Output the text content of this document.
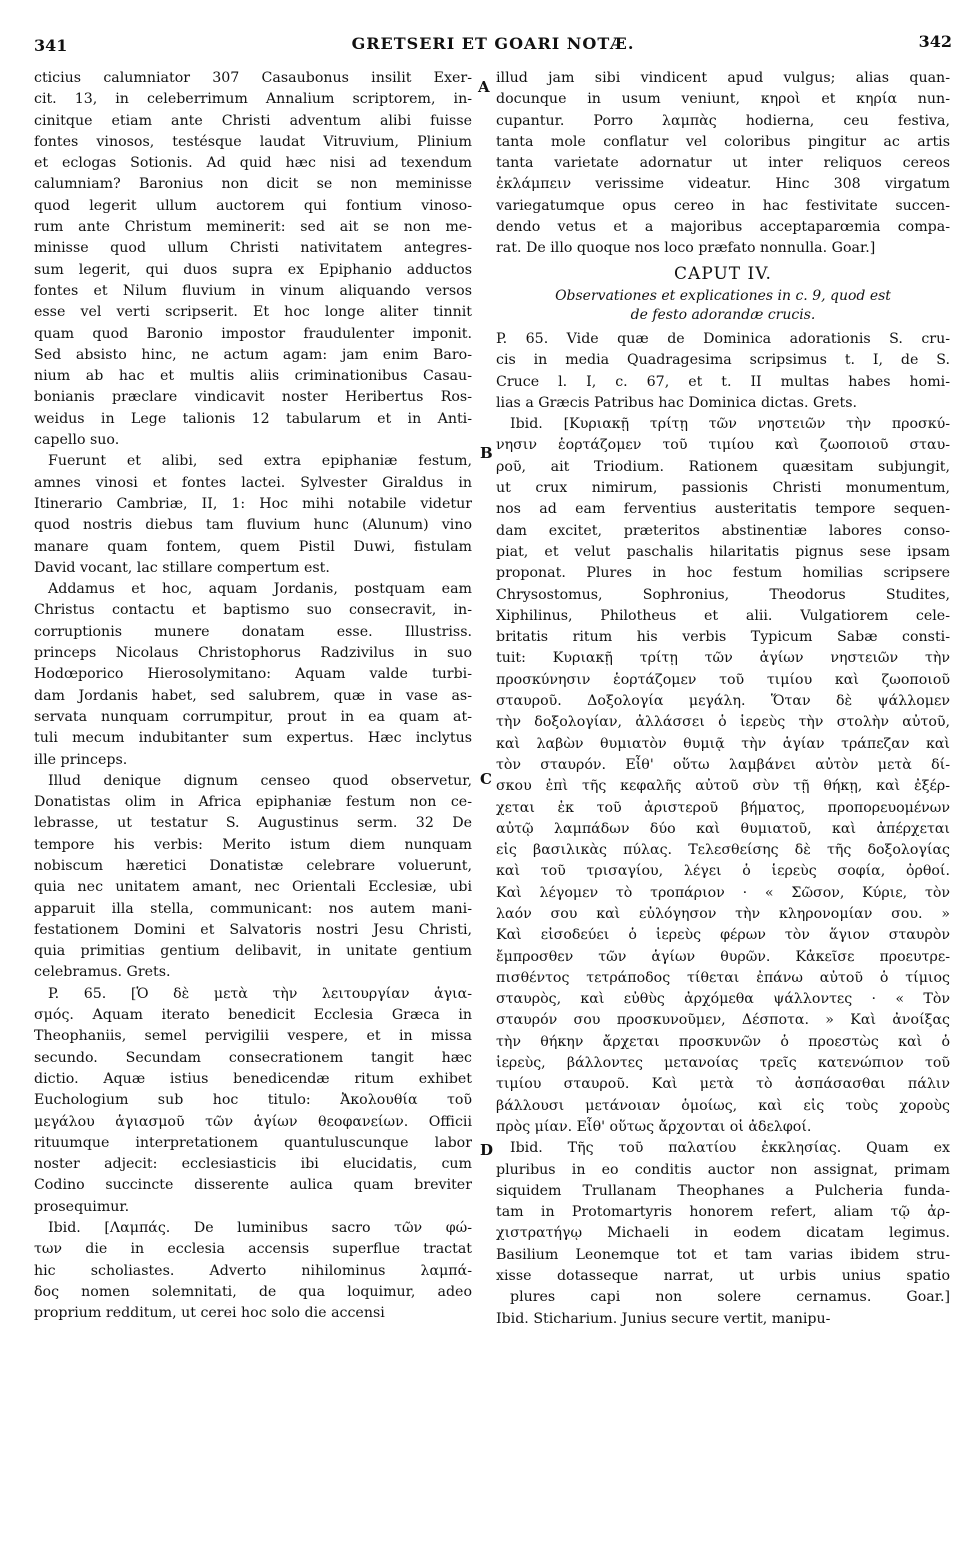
341	GRETSERI ET GOARI NOTÆ.	342
A
B
C
D
cticius calumniator 307 Casaubonus insilit Exer-
cit. 13, in celeberrimum Annalium scriptorem, in-
cinitque etiam ante Christi adventum alibi fuisse
fontes vinosos, testésque laudat Vitruvium, Plinium
et eclogas Sotionis. Ad quid hæc nisi ad texendum
calumniam? Baronius non dicit se non meminisse
quod legerit ullum auctorem qui fontium vinoso-
rum ante Christum meminerit: sed ait se non me-
minisse quod ullum Christi nativitatem antegres-
sum legerit, qui duos supra ex Epiphanio adductos
fontes et Nilum fluvium in vinum aliquando versos
esse vel verti scripserit. Et hoc longe aliter tinnit
quam quod Baronio impostor fraudulenter imponit.
Sed absisto hinc, ne actum agam: jam enim Baro-
nium ab hac et multis aliis criminationibus Casau-
bonianis præclare vindicavit noster Heribertus Ros-
weidus in Lege talionis 12 tabularum et in Anti-
capello suo.
Fuerunt et alibi, sed extra epiphaniæ festum,
amnes vinosi et fontes lactei. Sylvester Giraldus in
Itinerario Cambriæ, II, 1: Hoc mihi notabile videtur
quod nostris diebus tam fluvium hunc (Alunum) vino
manare quam fontem, quem Pistil Duwi, fistulam
David vocant, lac stillare compertum est.
Addamus et hoc, aquam Jordanis, postquam eam
Christus contactu et baptismo suo consecravit, in-
corruptionis munere donatam esse. Illustriss.
princeps Nicolaus Christophorus Radzivilus in suo
Hodœporico Hierosolymitano: Aquam valde turbi-
dam Jordanis habet, sed salubrem, quæ in vase as-
servata nunquam corrumpitur, prout in ea quam at-
tuli mecum indubitanter sum expertus. Hæc inclytus
ille princeps.
Illud denique dignum censeo quod observetur,
Donatistas olim in Africa epiphaniæ festum non ce-
lebrasse, ut testatur S. Augustinus serm. 32 De
tempore his verbis: Merito istum diem nunquam
nobiscum hæretici Donatistæ celebrare voluerunt,
quia nec unitatem amant, nec Orientali Ecclesiæ, ubi
apparuit illa stella, communicant: nos autem mani-
festationem Domini et Salvatoris nostri Jesu Christi,
quia primitias gentium delibavit, in unitate gentium
celebramus. Grets.
P. 65. [Ὁ δὲ μετὰ τὴν λειτουργίαν ἁγια-
σμός. Aquam iterato benedicit Ecclesia Græca in
Theophaniis, semel pervigilii vespere, et in missa
secundo. Secundam consecrationem tangit hæc
dictio. Aquæ istius benedicendæ ritum exhibet
Euchologium sub hoc titulo: Ἀκολουθία τοῦ
μεγάλου ἁγιασμοῦ τῶν ἁγίων θεοφανείων. Officii
rituumque interpretationem quantuluscunque labor
noster adjecit: ecclesiasticis ibi elucidatis, cum
Codino succincte disserente aulica quam breviter
prosequimur.
Ibid. [Λαμπάς. De luminibus sacro τῶν φώ-
των die in ecclesia accensis superflue tractat
hic scholiastes. Adverto nihilominus λαμπά-
δος nomen solemnitati, de qua loquimur, adeo
proprium redditum, ut cerei hoc solo die accensi
illud jam sibi vindicent apud vulgus; alias quan-
docunque in usum veniunt, κηροὶ et κηρία nun-
cupantur. Porro λαμπὰς hodierna, ceu festiva,
tanta mole conflatur vel coloribus pingitur ac artis
tanta varietate adornatur ut inter reliquos cereos
ἐκλάμπειν verissime videatur. Hinc 308 virgatum
variegatumque opus cereo in hac festivitate succen-
dendo vetus et a majoribus acceptaparœmia compa-
rat. De illo quoque nos loco præfato nonnulla. Goar.]
CAPUT IV.
Observationes et explicationes in c. 9, quod est
de festo adorandæ crucis.
P. 65. Vide quæ de Dominica adorationis S. cru-
cis in media Quadragesima scripsimus t. I, de S.
Cruce l. I, c. 67, et t. II multas habes homi-
lias a Græcis Patribus hac Dominica dictas. Grets.
Ibid. [Κυριακῇ τρίτῃ τῶν νηστειῶν τὴν προσκύ-
νησιν ἑορτάζομεν τοῦ τιμίου καὶ ζωοποιοῦ σταυ-
ροῦ, ait Triodium. Rationem quæsitam subjungit,
ut crux nimirum, passionis Christi monumentum,
nos ad eam ferventius austeritatis tempore sequen-
dam excitet, præteritos abstinentiæ labores conso-
piat, et velut paschalis hilaritatis pignus sese ipsam
proponat. Plures in hoc festum homilias scripsere
Chrysostomus, Sophronius, Theodorus Studites,
Xiphilinus, Philotheus et alii. Vulgatiorem cele-
britatis ritum his verbis Typicum Sabæ consti-
tuit: Κυριακῇ τρίτῃ τῶν ἁγίων νηστειῶν τὴν
προσκύνησιν ἑορτάζομεν τοῦ τιμίου καὶ ζωοποιοῦ
σταυροῦ. Δοξολογία μεγάλη. Ὅταν δὲ ψάλλομεν
τὴν δοξολογίαν, ἀλλάσσει ὁ ἱερεὺς τὴν στολὴν αὐτοῦ,
καὶ λαβὼν θυμιατὸν θυμιᾷ τὴν ἁγίαν τράπεζαν καὶ
τὸν σταυρόν. Εἶθ' οὕτω λαμβάνει αὐτὸν μετὰ δί-
σκου ἐπὶ τῆς κεφαλῆς αὐτοῦ σὺν τῇ θήκῃ, καὶ ἐξέρ-
χεται ἐκ τοῦ ἀριστεροῦ βήματος, προπορευομένων
αὐτῷ λαμπάδων δύο καὶ θυμιατοῦ, καὶ ἀπέρχεται
εἰς βασιλικὰς πύλας. Τελεσθείσης δὲ τῆς δοξολογίας
καὶ τοῦ τρισαγίου, λέγει ὁ ἱερεὺς σοφία, ὀρθοί.
Καὶ λέγομεν τὸ τροπάριον · « Σῶσον, Κύριε, τὸν
λαόν σου καὶ εὐλόγησον τὴν κληρονομίαν σου. »
Καὶ εἰσοδεύει ὁ ἱερεὺς φέρων τὸν ἅγιον σταυρὸν
ἔμπροσθεν τῶν ἁγίων θυρῶν. Κἀκεῖσε προευτρε-
πισθέντος τετράποδος τίθεται ἐπάνω αὐτοῦ ὁ τίμιος
σταυρὸς, καὶ εὐθὺς ἀρχόμεθα ψάλλοντες · « Τὸν
σταυρόν σου προσκυνοῦμεν, Δέσποτα. » Καὶ ἀνοίξας
τὴν θήκην ἄρχεται προσκυνῶν ὁ προεστὼς καὶ ὁ
ἱερεὺς, βάλλοντες μετανοίας τρεῖς κατενώπιον τοῦ
τιμίου σταυροῦ. Καὶ μετὰ τὸ ἀσπάσασθαι πάλιν
βάλλουσι μετάνοιαν ὁμοίως, καὶ εἰς τοὺς χοροὺς
πρὸς μίαν. Εἶθ' οὕτως ἄρχονται οἱ ἀδελφοί.
Ibid. Τῆς τοῦ παλατίου ἐκκλησίας. Quam ex
pluribus in eo conditis auctor non assignat, primam
siquidem Trullanam Theophanes a Pulcheria funda-
tam in Protomartyris honorem refert, aliam τῷ ἀρ-
χιστρατήγῳ Michaeli in eodem dicatam legimus.
Basilium Leonemque tot et tam varias ibidem stru-
xisse dotasseque narrat, ut urbis unius spatio
plures capi non solere cernamus. Goar.]
Ibid. Sticharium. Junius secure vertit, manipu-
